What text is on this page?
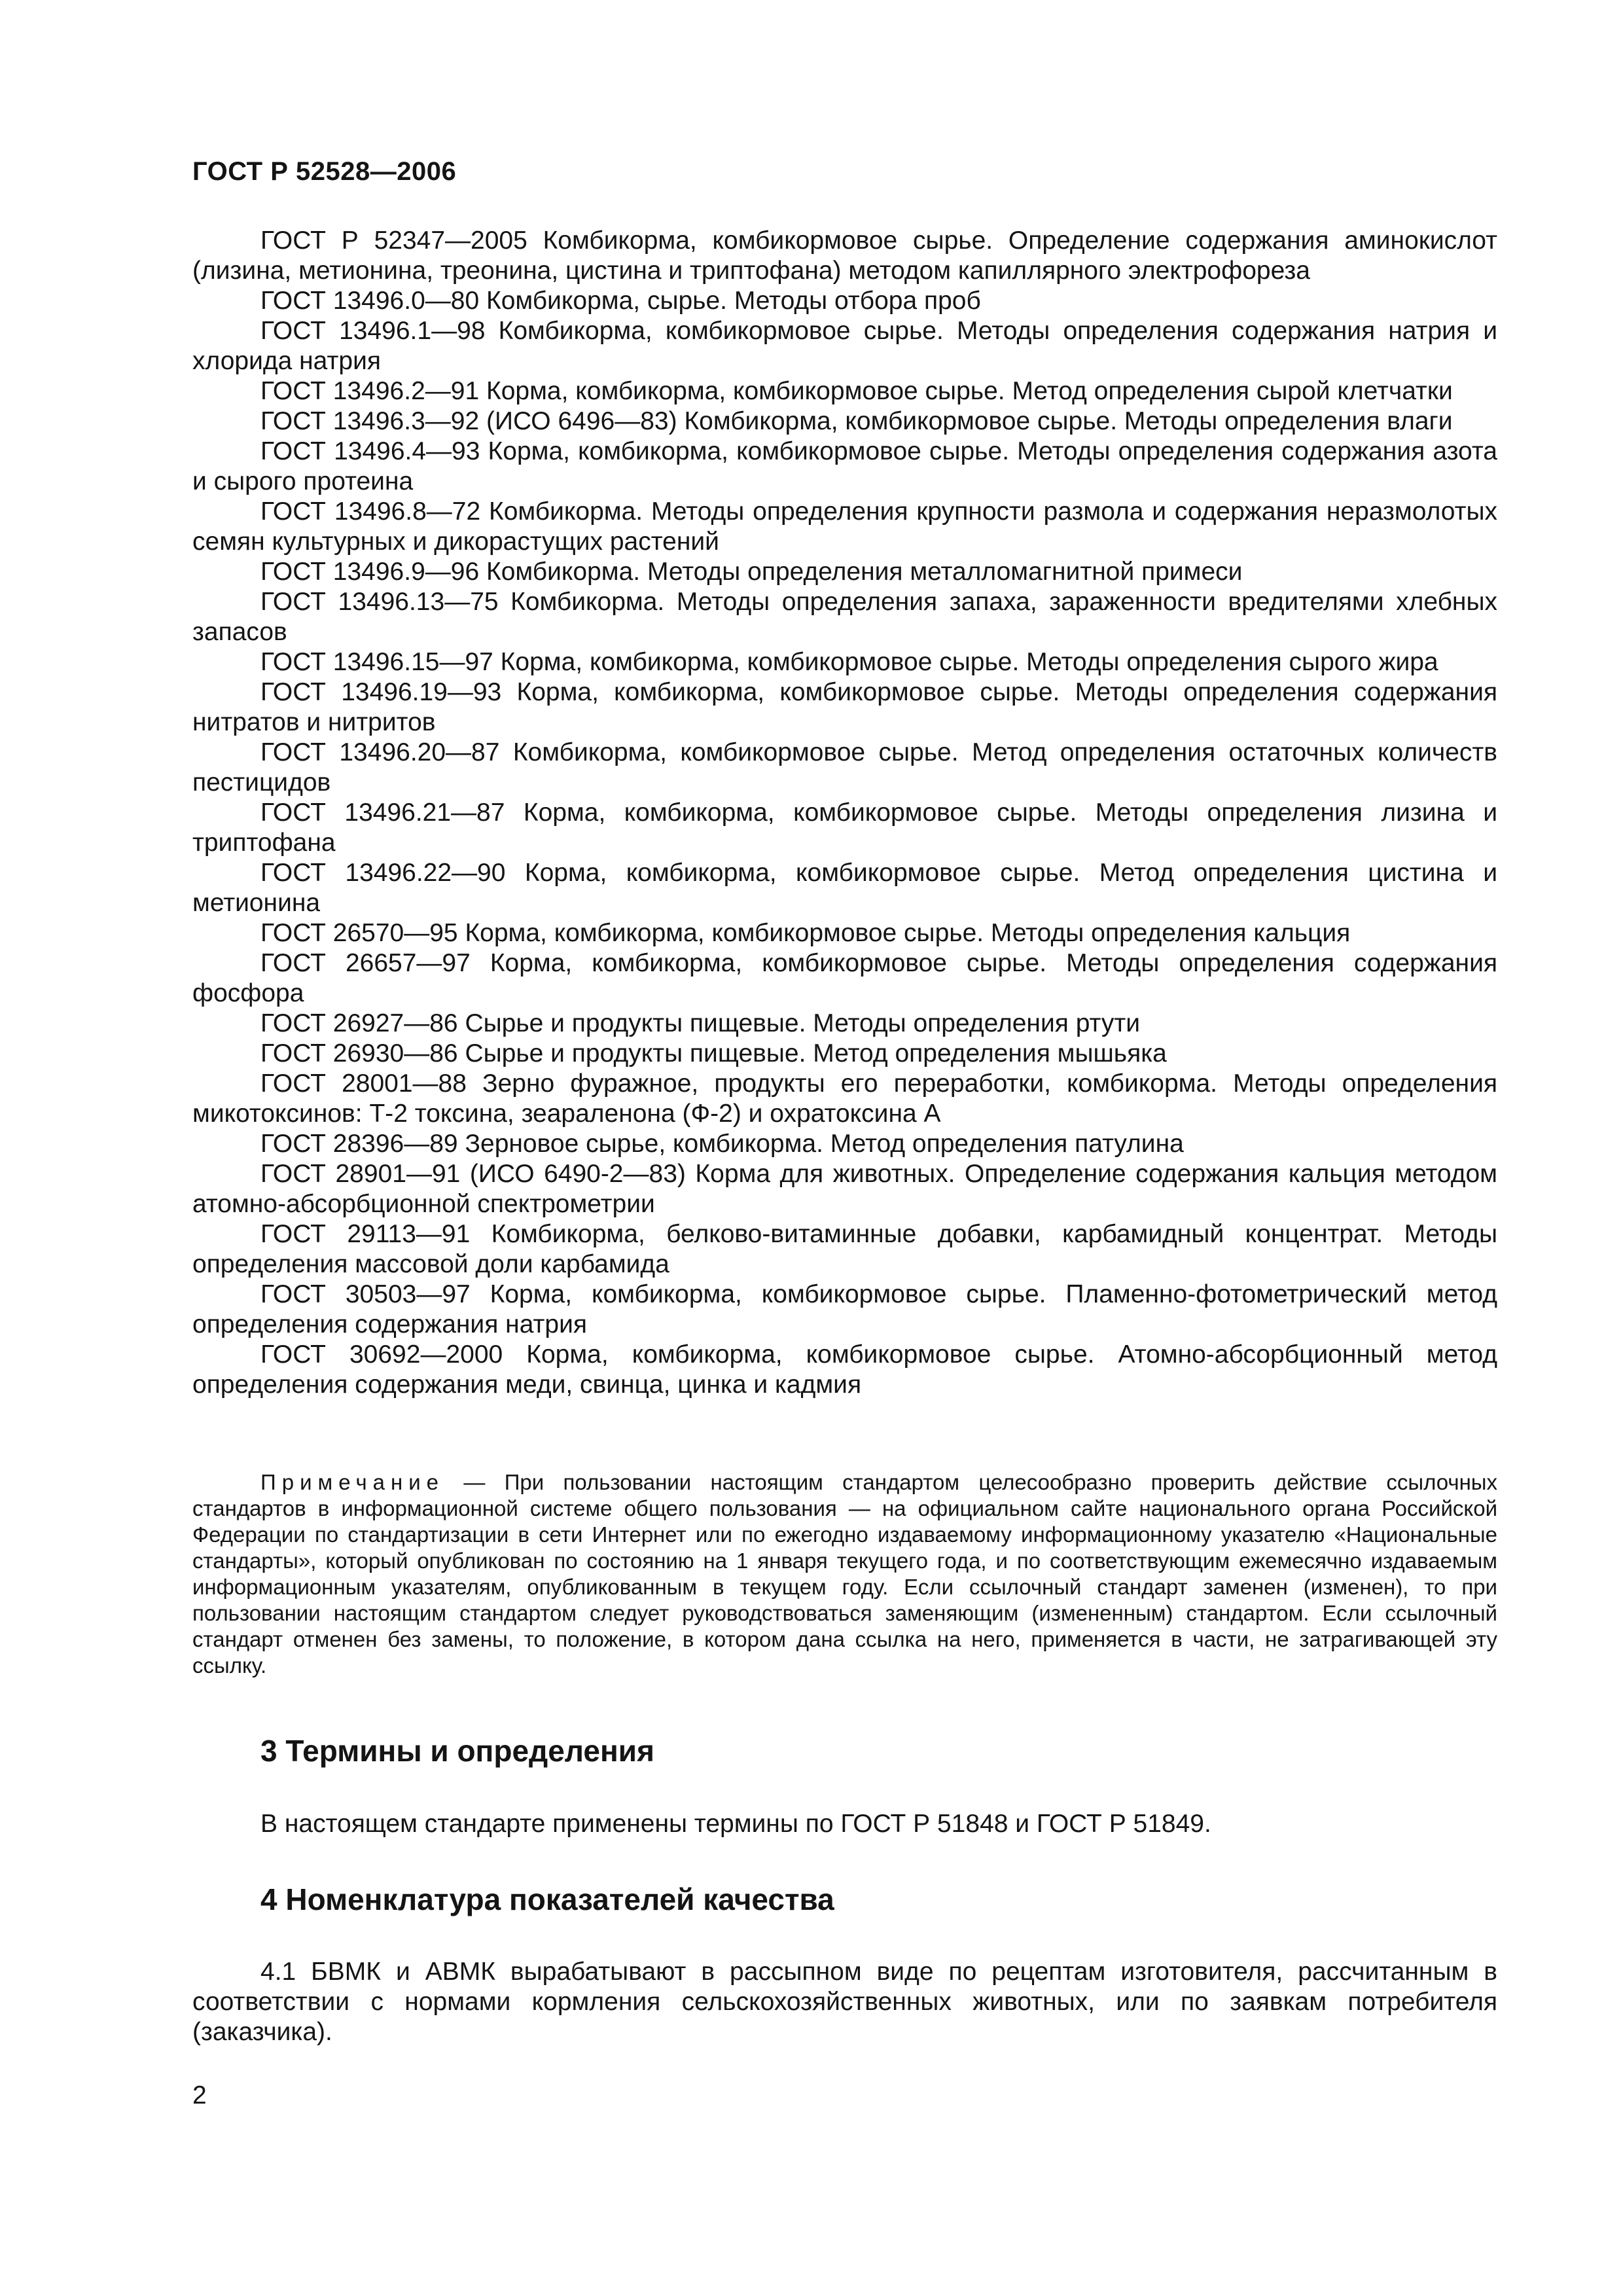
ГОСТ Р 52528—2006

ГОСТ Р 52347—2005 Комбикорма, комбикормовое сырье. Определение содержания аминокислот (лизина, метионина, треонина, цистина и триптофана) методом капиллярного электрофореза

ГОСТ 13496.0—80 Комбикорма, сырье. Методы отбора проб

ГОСТ 13496.1—98 Комбикорма, комбикормовое сырье. Методы определения содержания натрия и хлорида натрия

ГОСТ 13496.2—91 Корма, комбикорма, комбикормовое сырье. Метод определения сырой клетчатки

ГОСТ 13496.3—92 (ИСО 6496—83) Комбикорма, комбикормовое сырье. Методы определения влаги

ГОСТ 13496.4—93 Корма, комбикорма, комбикормовое сырье. Методы определения содержания азота и сырого протеина

ГОСТ 13496.8—72 Комбикорма. Методы определения крупности размола и содержания неразмолотых семян культурных и дикорастущих растений

ГОСТ 13496.9—96 Комбикорма. Методы определения металломагнитной примеси

ГОСТ 13496.13—75 Комбикорма. Методы определения запаха, зараженности вредителями хлебных запасов

ГОСТ 13496.15—97 Корма, комбикорма, комбикормовое сырье. Методы определения сырого жира

ГОСТ 13496.19—93 Корма, комбикорма, комбикормовое сырье. Методы определения содержания нитратов и нитритов

ГОСТ 13496.20—87 Комбикорма, комбикормовое сырье. Метод определения остаточных количеств пестицидов

ГОСТ 13496.21—87 Корма, комбикорма, комбикормовое сырье. Методы определения лизина и триптофана

ГОСТ 13496.22—90 Корма, комбикорма, комбикормовое сырье. Метод определения цистина и метионина

ГОСТ 26570—95 Корма, комбикорма, комбикормовое сырье. Методы определения кальция

ГОСТ 26657—97 Корма, комбикорма, комбикормовое сырье. Методы определения содержания фосфора

ГОСТ 26927—86 Сырье и продукты пищевые. Методы определения ртути

ГОСТ 26930—86 Сырье и продукты пищевые. Метод определения мышьяка

ГОСТ 28001—88 Зерно фуражное, продукты его переработки, комбикорма. Методы определения микотоксинов: Т-2 токсина, зеараленона (Ф-2) и охратоксина А

ГОСТ 28396—89 Зерновое сырье, комбикорма. Метод определения патулина

ГОСТ 28901—91 (ИСО 6490-2—83) Корма для животных. Определение содержания кальция методом атомно-абсорбционной спектрометрии

ГОСТ 29113—91 Комбикорма, белково-витаминные добавки, карбамидный концентрат. Методы определения массовой доли карбамида

ГОСТ 30503—97 Корма, комбикорма, комбикормовое сырье. Пламенно-фотометрический метод определения содержания натрия

ГОСТ 30692—2000 Корма, комбикорма, комбикормовое сырье. Атомно-абсорбционный метод определения содержания меди, свинца, цинка и кадмия

Примечание — При пользовании настоящим стандартом целесообразно проверить действие ссылочных стандартов в информационной системе общего пользования — на официальном сайте национального органа Российской Федерации по стандартизации в сети Интернет или по ежегодно издаваемому информационному указателю «Национальные стандарты», который опубликован по состоянию на 1 января текущего года, и по соответствующим ежемесячно издаваемым информационным указателям, опубликованным в текущем году. Если ссылочный стандарт заменен (изменен), то при пользовании настоящим стандартом следует руководствоваться заменяющим (измененным) стандартом. Если ссылочный стандарт отменен без замены, то положение, в котором дана ссылка на него, применяется в части, не затрагивающей эту ссылку.
3 Термины и определения
В настоящем стандарте применены термины по ГОСТ Р 51848 и ГОСТ Р 51849.
4 Номенклатура показателей качества
4.1 БВМК и АВМК вырабатывают в рассыпном виде по рецептам изготовителя, рассчитанным в соответствии с нормами кормления сельскохозяйственных животных, или по заявкам потребителя (заказчика).
2
